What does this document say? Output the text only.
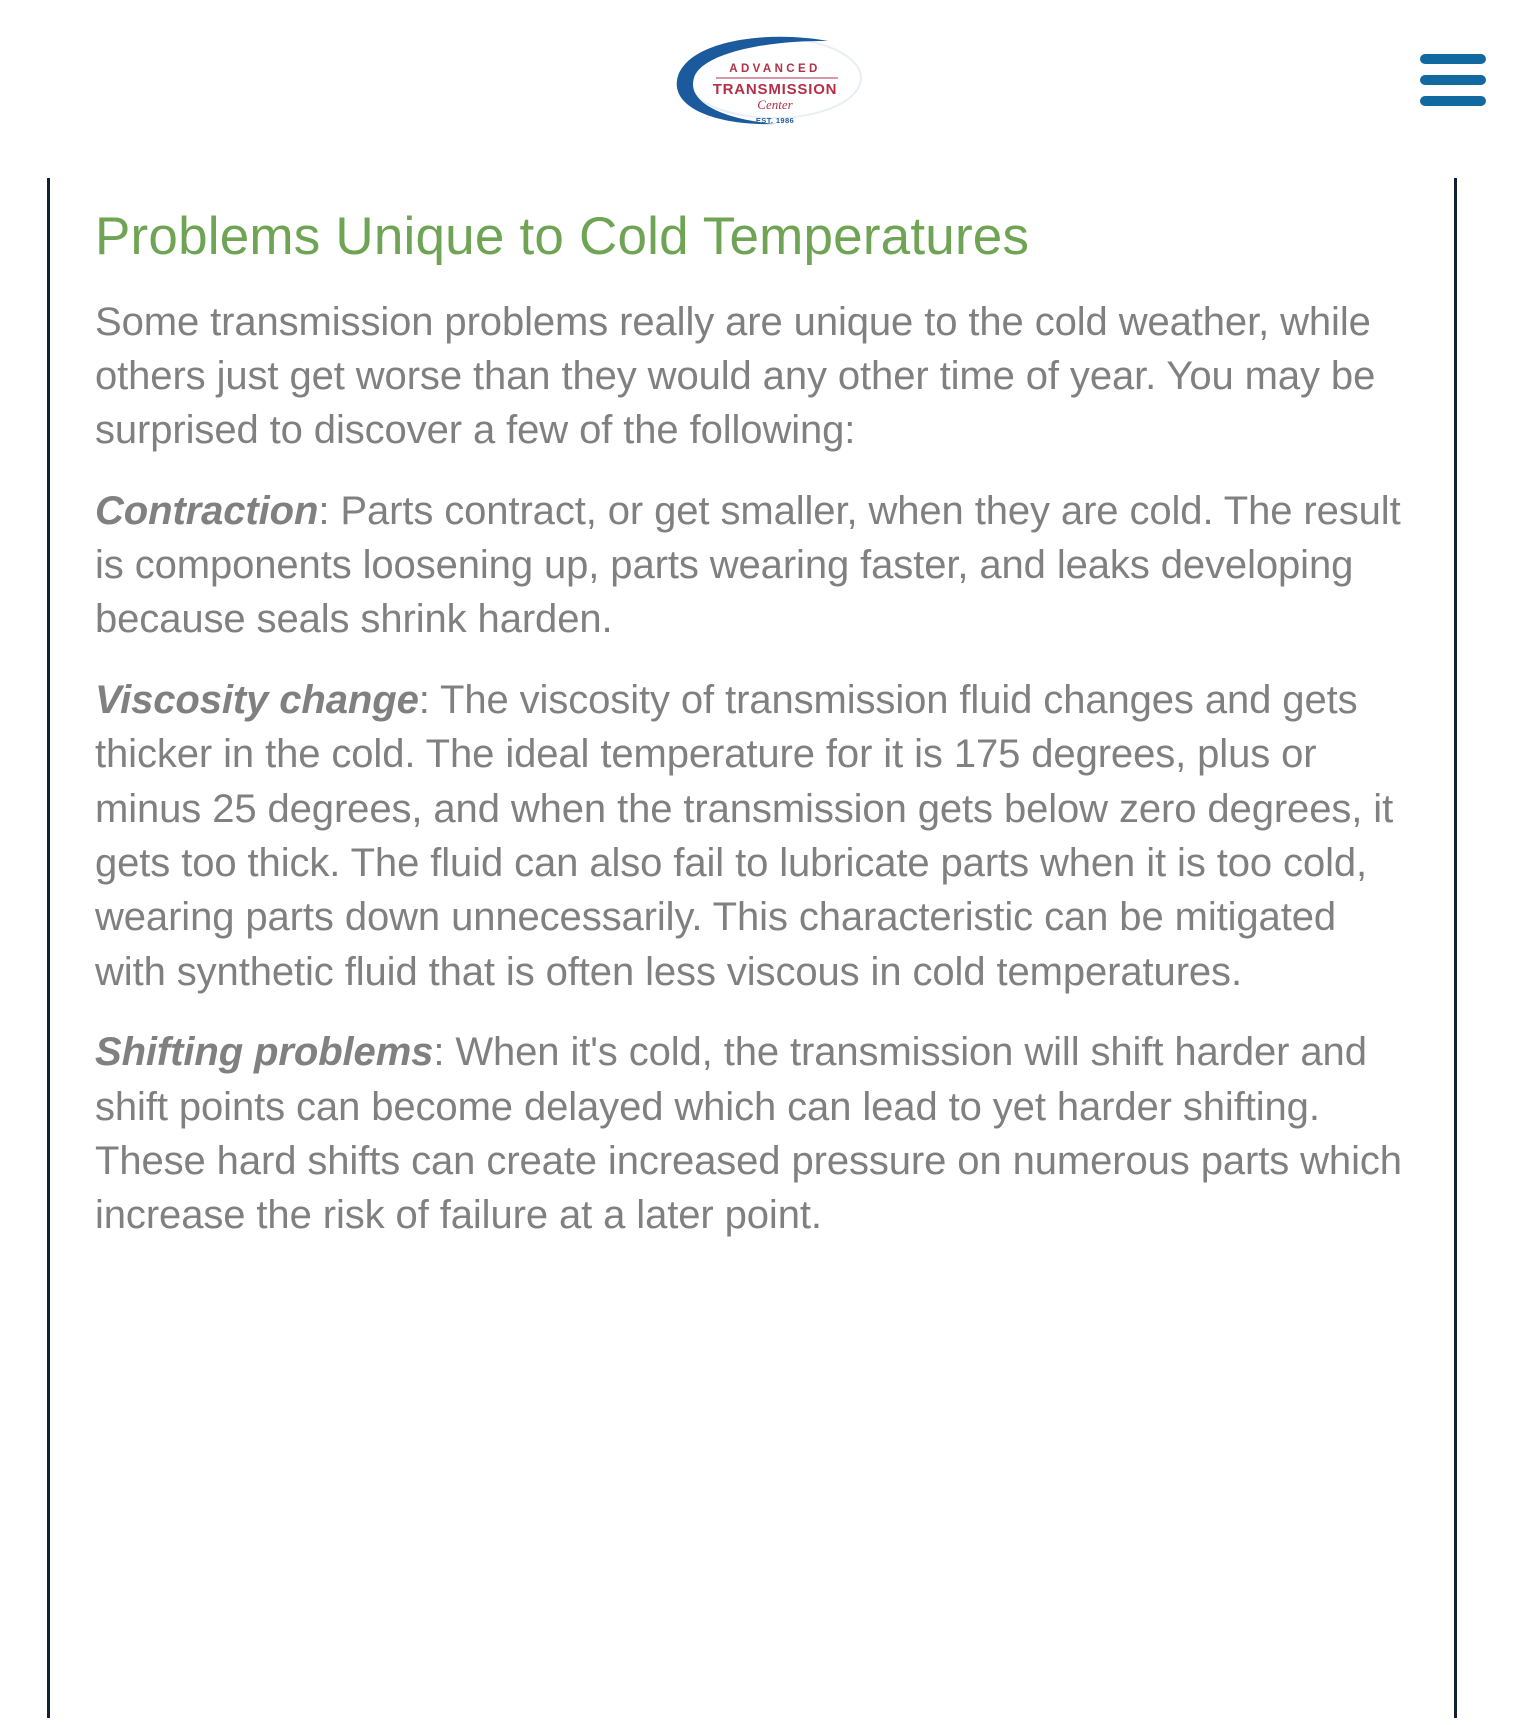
ADVANCED
TRANSMISSION
Center
EST. 1986
Problems Unique to Cold Temperatures

Some transmission problems really are unique to the cold weather, while others just get worse than they would any other time of year. You may be surprised to discover a few of the following:

Contraction: Parts contract, or get smaller, when they are cold. The result is components loosening up, parts wearing faster, and leaks developing because seals shrink harden.

Viscosity change: The viscosity of transmission fluid changes and gets thicker in the cold. The ideal temperature for it is 175 degrees, plus or minus 25 degrees, and when the transmission gets below zero degrees, it gets too thick. The fluid can also fail to lubricate parts when it is too cold, wearing parts down unnecessarily. This characteristic can be mitigated with synthetic fluid that is often less viscous in cold temperatures.

Shifting problems: When it's cold, the transmission will shift harder and shift points can become delayed which can lead to yet harder shifting. These hard shifts can create increased pressure on numerous parts which increase the risk of failure at a later point.
